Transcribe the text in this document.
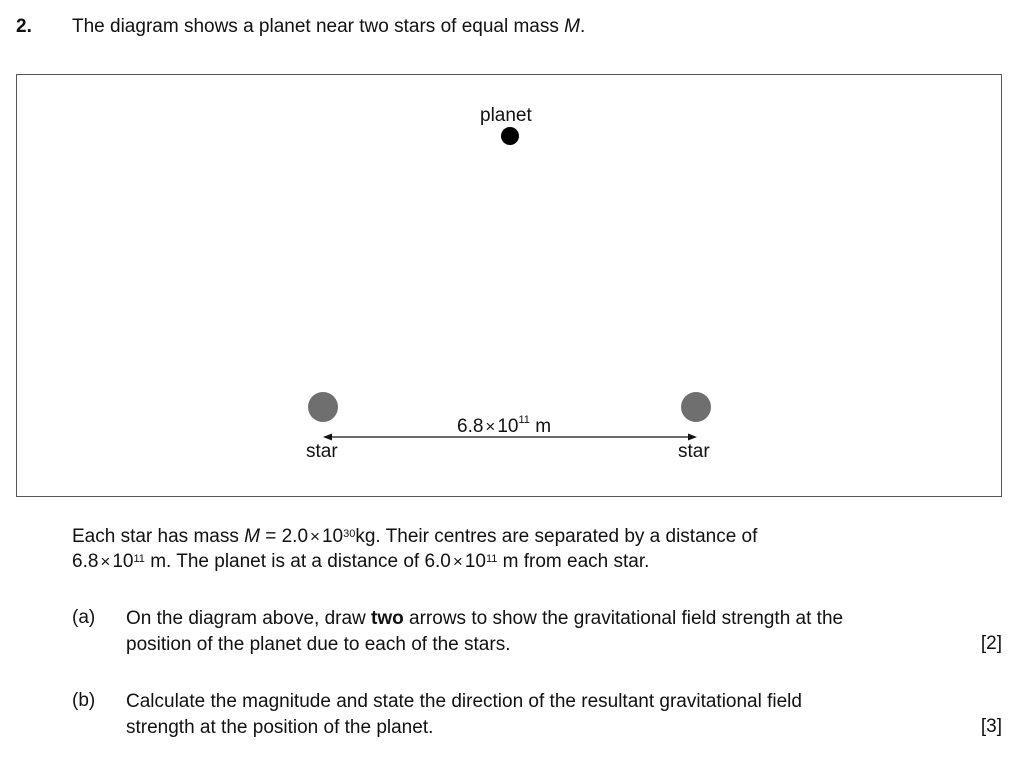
2. The diagram shows a planet near two stars of equal mass M.
planet
star	star
$6.8 \times 10^{11}$ m
Each star has mass $M = 2.0 \times 10^{30}kg$. Their centres are separated by a distance of
$6.8 \times 10^{11}$ m. The planet is at a distance of $6.0 \times 10^{11}$ m from each star.
(a) On the diagram above, draw two arrows to show the gravitational field strength at the
position of the planet due to each of the stars.	[2]
(b) Calculate the magnitude and state the direction of the resultant gravitational field
strength at the position of the planet.	[3]
